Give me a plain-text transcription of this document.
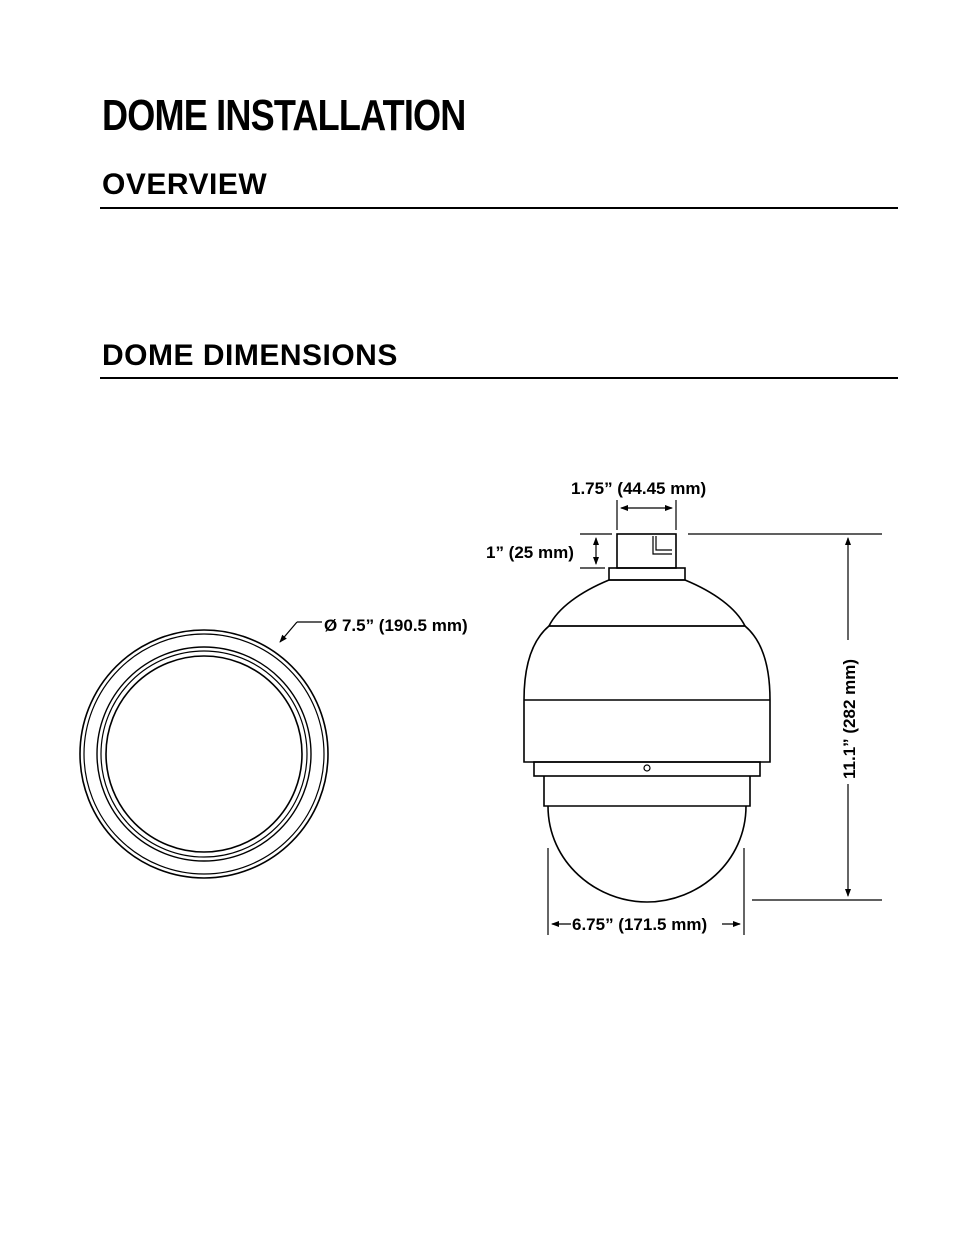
DOME INSTALLATION
OVERVIEW
DOME DIMENSIONS
Ø 7.5” (190.5 mm)
1.75” (44.45 mm)
1” (25 mm)
11.1” (282 mm)
6.75” (171.5 mm)
